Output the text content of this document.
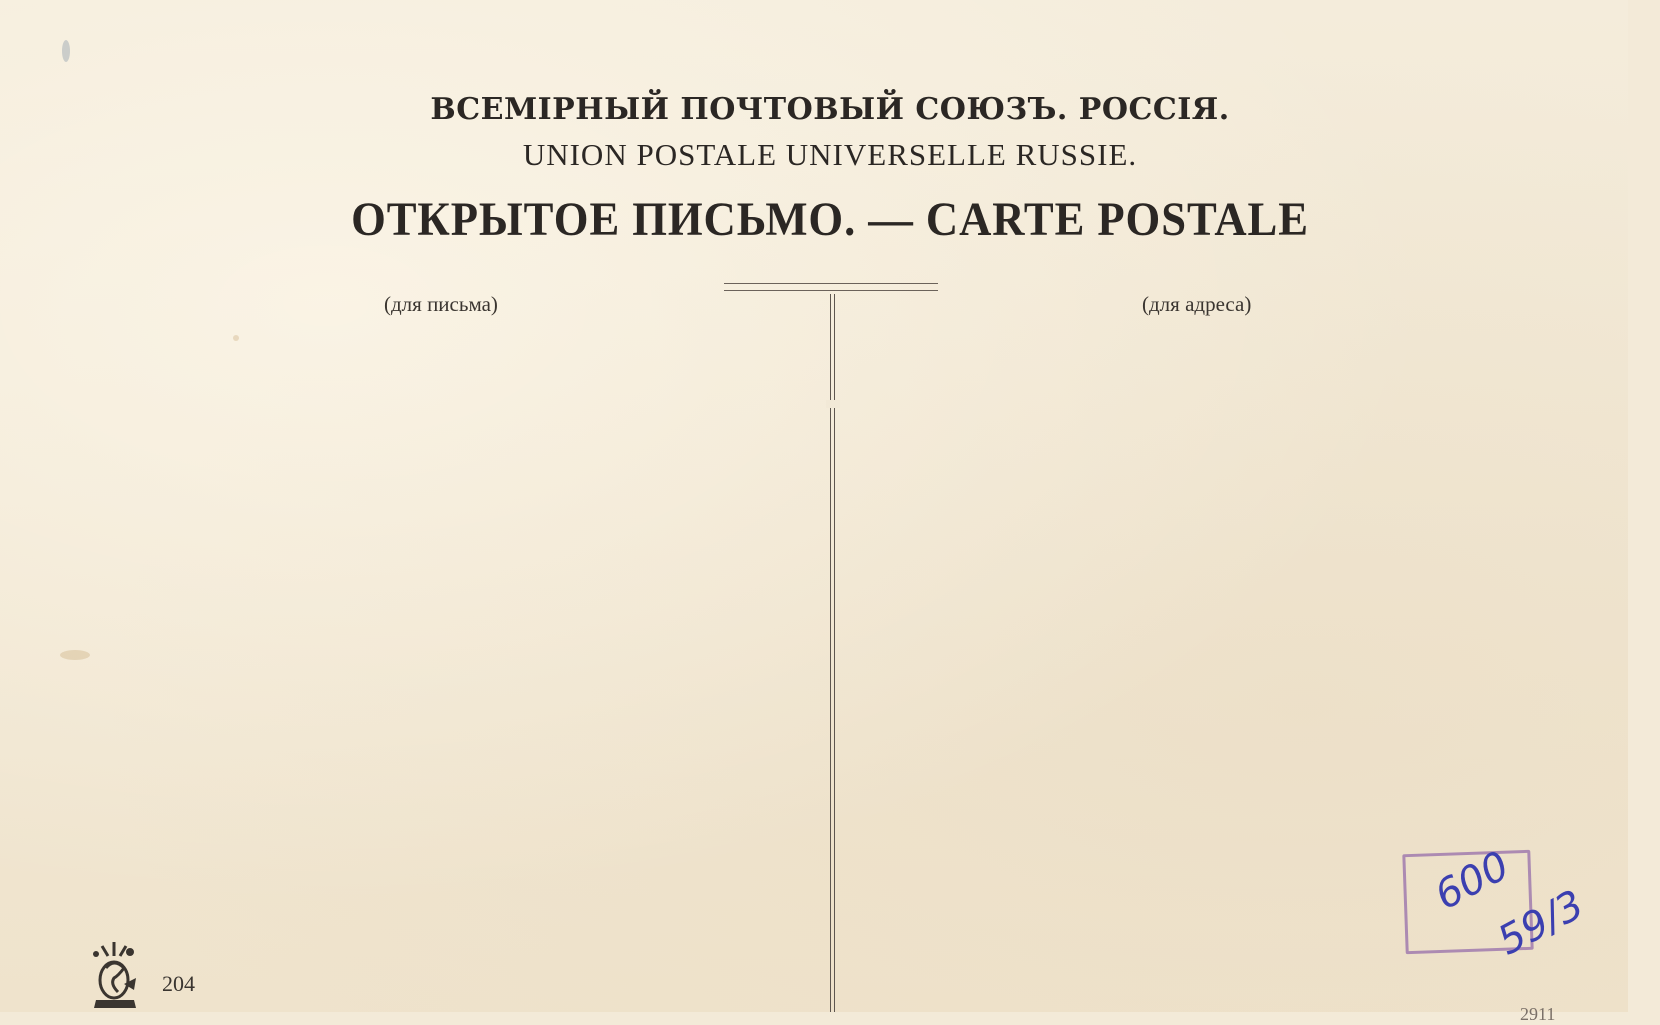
ВСЕМІРНЫЙ ПОЧТОВЫЙ СОЮЗЪ. РОССІЯ.
UNION POSTALE UNIVERSELLE RUSSIE.
ОТКРЫТОЕ ПИСЬМО. — CARTE POSTALE
(для письма)	(для адреса)
204
600
59/3
2911
